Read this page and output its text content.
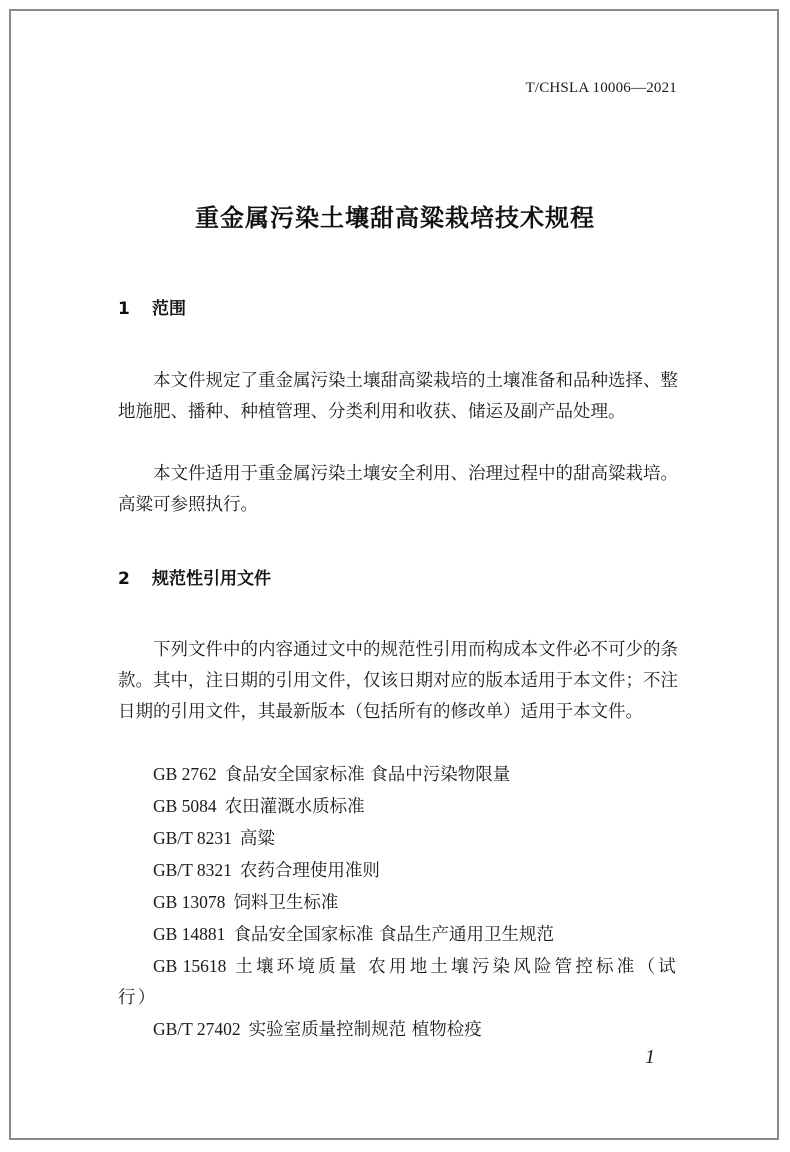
T/CHSLA 10006—2021
重金属污染土壤甜高粱栽培技术规程
1 范围

本文件规定了重金属污染土壤甜高粱栽培的土壤准备和品种选择、整地施肥、播种、种植管理、分类利用和收获、储运及副产品处理。

本文件适用于重金属污染土壤安全利用、治理过程中的甜高粱栽培。高粱可参照执行。

2 规范性引用文件

下列文件中的内容通过文中的规范性引用而构成本文件必不可少的条款。其中，注日期的引用文件，仅该日期对应的版本适用于本文件；不注日期的引用文件，其最新版本（包括所有的修改单）适用于本文件。

GB 2762 食品安全国家标准 食品中污染物限量
GB 5084 农田灌溉水质标准
GB/T 8231 高粱
GB/T 8321 农药合理使用准则
GB 13078 饲料卫生标准
GB 14881 食品安全国家标准 食品生产通用卫生规范
GB 15618 土壤环境质量 农用地土壤污染风险管控标准（试行）
GB/T 27402 实验室质量控制规范 植物检疫
1
